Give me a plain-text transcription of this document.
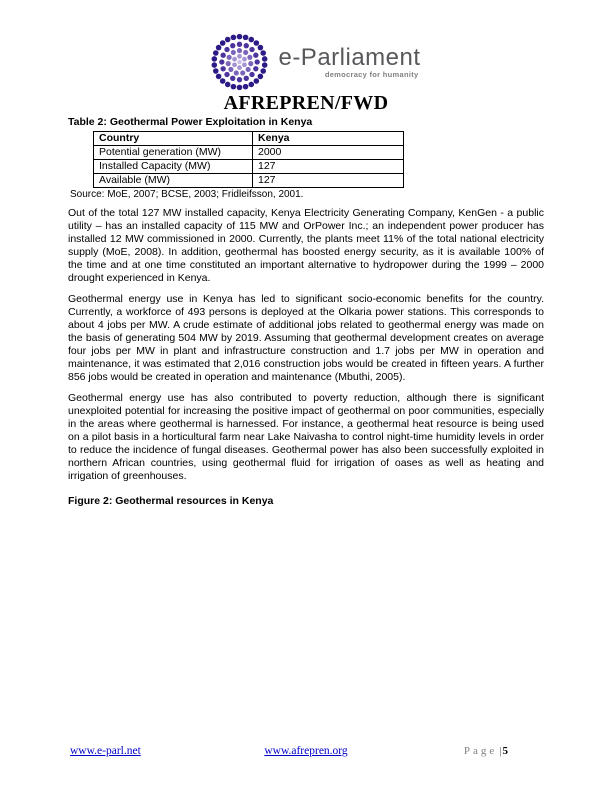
e-Parliament
democracy for humanity
AFREPREN/FWD

Table 2: Geothermal Power Exploitation in Kenya

Country	Kenya
Potential generation (MW)	2000
Installed Capacity (MW)	127
Available (MW)	127

Source: MoE, 2007; BCSE, 2003; Fridleifsson, 2001.

Out of the total 127 MW installed capacity, Kenya Electricity Generating Company, KenGen - a public utility – has an installed capacity of 115 MW and OrPower Inc.; an independent power producer has installed 12 MW commissioned in 2000. Currently, the plants meet 11% of the total national electricity supply (MoE, 2008). In addition, geothermal has boosted energy security, as it is available 100% of the time and at one time constituted an important alternative to hydropower during the 1999 – 2000 drought experienced in Kenya.

Geothermal energy use in Kenya has led to significant socio-economic benefits for the country. Currently, a workforce of 493 persons is deployed at the Olkaria power stations. This corresponds to about 4 jobs per MW. A crude estimate of additional jobs related to geothermal energy was made on the basis of generating 504 MW by 2019. Assuming that geothermal development creates on average four jobs per MW in plant and infrastructure construction and 1.7 jobs per MW in operation and maintenance, it was estimated that 2,016 construction jobs would be created in fifteen years. A further 856 jobs would be created in operation and maintenance (Mbuthi, 2005).

Geothermal energy use has also contributed to poverty reduction, although there is significant unexploited potential for increasing the positive impact of geothermal on poor communities, especially in the areas where geothermal is harnessed. For instance, a geothermal heat resource is being used on a pilot basis in a horticultural farm near Lake Naivasha to control night-time humidity levels in order to reduce the incidence of fungal diseases. Geothermal power has also been successfully exploited in northern African countries, using geothermal fluid for irrigation of oases as well as heating and irrigation of greenhouses.

Figure 2: Geothermal resources in Kenya

www.e-parl.net	www.afrepren.org	Page |5
